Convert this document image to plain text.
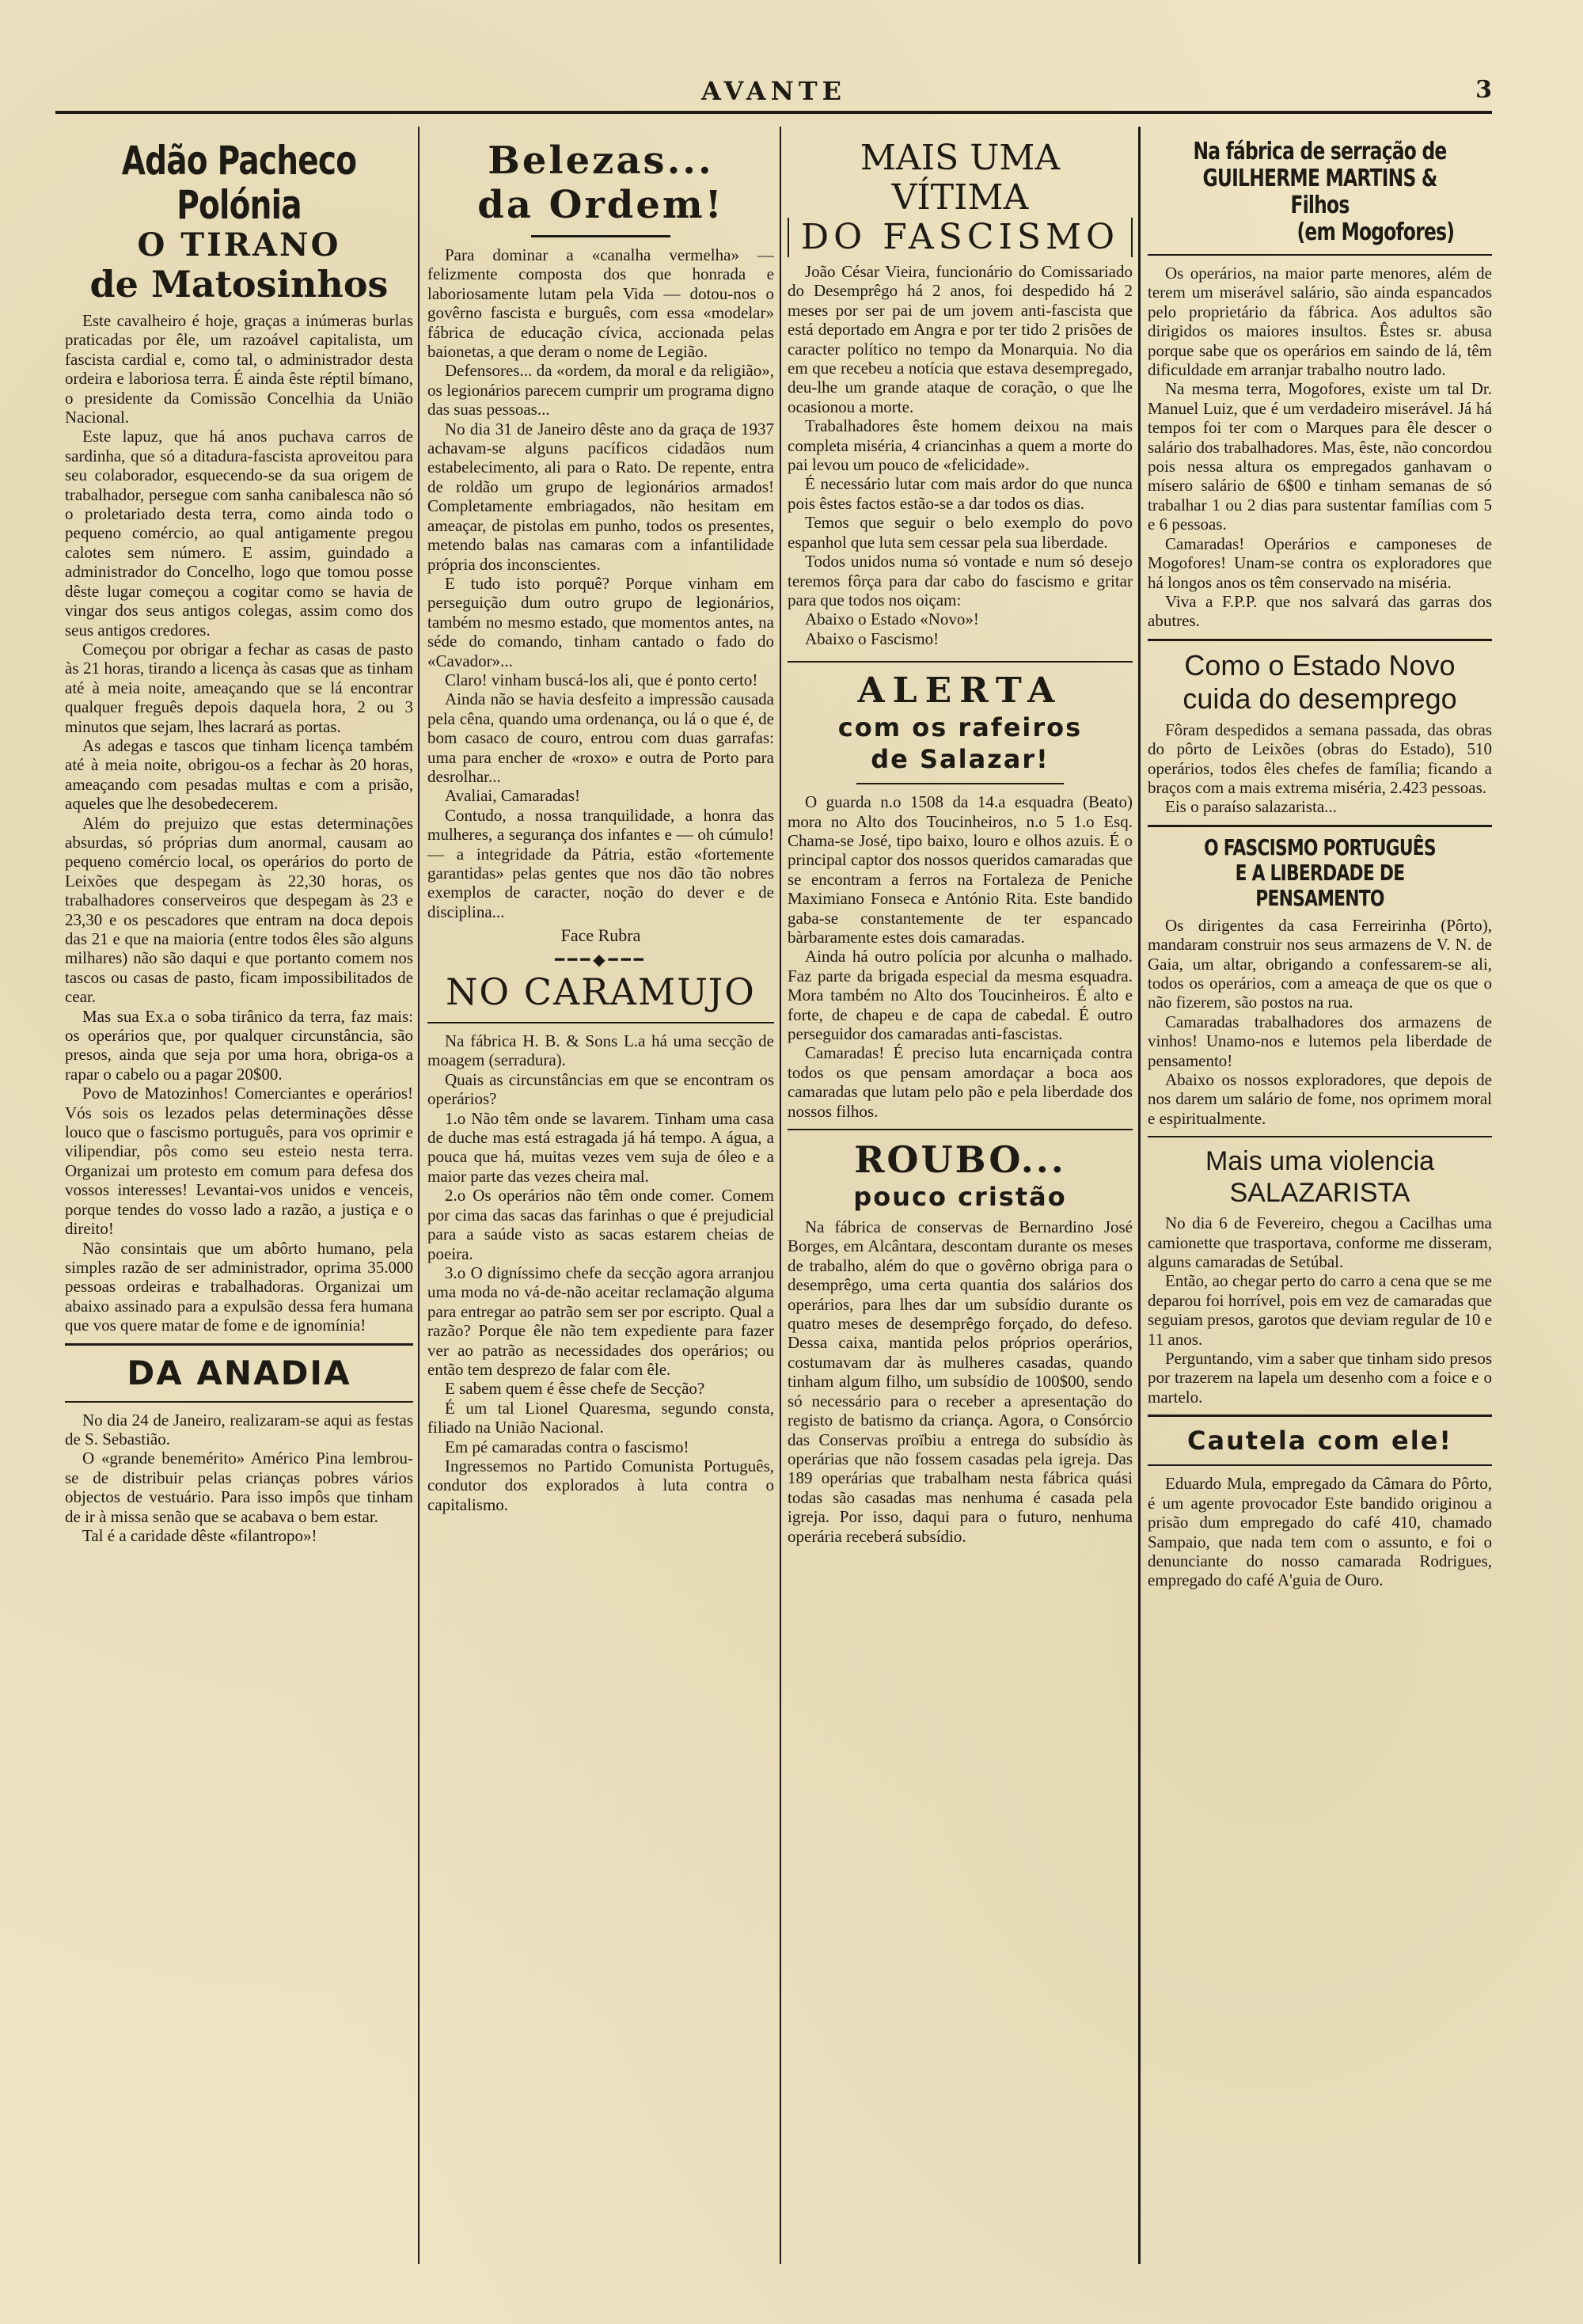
AVANTE	3
Adão Pacheco Polónia
O TIRANO
de Matosinhos

Este cavalheiro é hoje, graças a inúmeras burlas praticadas por êle, um razoável capitalista, um fascista cardial e, como tal, o administrador desta ordeira e laboriosa terra. É ainda êste réptil bímano, o presidente da Comissão Concelhia da União Nacional.

Este lapuz, que há anos puchava carros de sardinha, que só a ditadura-fascista aproveitou para seu colaborador, esquecendo-se da sua origem de trabalhador, persegue com sanha canibalesca não só o proletariado desta terra, como ainda todo o pequeno comércio, ao qual antigamente pregou calotes sem número. E assim, guindado a administrador do Concelho, logo que tomou posse dêste lugar começou a cogitar como se havia de vingar dos seus antigos colegas, assim como dos seus antigos credores.

Começou por obrigar a fechar as casas de pasto às 21 horas, tirando a licença às casas que as tinham até à meia noite, ameaçando que se lá encontrar qualquer freguês depois daquela hora, 2 ou 3 minutos que sejam, lhes lacrará as portas.

As adegas e tascos que tinham licença também até à meia noite, obrigou-os a fechar às 20 horas, ameaçando com pesadas multas e com a prisão, aqueles que lhe desobedecerem.

Além do prejuizo que estas determinações absurdas, só próprias dum anormal, causam ao pequeno comércio local, os operários do porto de Leixões que despegam às 22,30 horas, os trabalhadores conserveiros que despegam às 23 e 23,30 e os pescadores que entram na doca depois das 21 e que na maioria (entre todos êles são alguns milhares) não são daqui e que portanto comem nos tascos ou casas de pasto, ficam impossibilitados de cear.

Mas sua Ex.a o soba tirânico da terra, faz mais: os operários que, por qualquer circunstância, são presos, ainda que seja por uma hora, obriga-os a rapar o cabelo ou a pagar 20$00.

Povo de Matozinhos! Comerciantes e operários! Vós sois os lezados pelas determinações dêsse louco que o fascismo português, para vos oprimir e vilipendiar, pôs como seu esteio nesta terra. Organizai um protesto em comum para defesa dos vossos interesses! Levantai-vos unidos e venceis, porque tendes do vosso lado a razão, a justiça e o direito!

Não consintais que um abôrto humano, pela simples razão de ser administrador, oprima 35.000 pessoas ordeiras e trabalhadoras. Organizai um abaixo assinado para a expulsão dessa fera humana que vos quere matar de fome e de ignomínia!

DA ANADIA

No dia 24 de Janeiro, realizaram-se aqui as festas de S. Sebastião.

O «grande benemérito» Américo Pina lembrou-se de distribuir pelas crianças pobres vários objectos de vestuário. Para isso impôs que tinham de ir à missa senão que se acabava o bem estar.

Tal é a caridade dêste «filantropo»!

Belezas...
da Ordem!

Para dominar a «canalha vermelha» — felizmente composta dos que honrada e laboriosamente lutam pela Vida — dotou-nos o govêrno fascista e burguês, com essa «modelar» fábrica de educação cívica, accionada pelas baionetas, a que deram o nome de Legião.

Defensores... da «ordem, da moral e da religião», os legionários parecem cumprir um programa digno das suas pessoas...

No dia 31 de Janeiro dêste ano da graça de 1937 achavam-se alguns pacíficos cidadãos num estabelecimento, ali para o Rato. De repente, entra de roldão um grupo de legionários armados! Completamente embriagados, não hesitam em ameaçar, de pistolas em punho, todos os presentes, metendo balas nas camaras com a infantilidade própria dos inconscientes.

E tudo isto porquê? Porque vinham em perseguição dum outro grupo de legionários, também no mesmo estado, que momentos antes, na séde do comando, tinham cantado o fado do «Cavador»...

Claro! vinham buscá-los ali, que é ponto certo!

Ainda não se havia desfeito a impressão causada pela cêna, quando uma ordenança, ou lá o que é, de bom casaco de couro, entrou com duas garrafas: uma para encher de «roxo» e outra de Porto para desrolhar...

Avaliai, Camaradas!

Contudo, a nossa tranquilidade, a honra das mulheres, a segurança dos infantes e — oh cúmulo! — a integridade da Pátria, estão «fortemente garantidas» pelas gentes que nos dão tão nobres exemplos de caracter, noção do dever e de disciplina...

Face Rubra
━━━◆━━━
NO CARAMUJO

Na fábrica H. B. & Sons L.a há uma secção de moagem (serradura).

Quais as circunstâncias em que se encontram os operários?

1.o Não têm onde se lavarem. Tinham uma casa de duche mas está estragada já há tempo. A água, a pouca que há, muitas vezes vem suja de óleo e a maior parte das vezes cheira mal.

2.o Os operários não têm onde comer. Comem por cima das sacas das farinhas o que é prejudicial para a saúde visto as sacas estarem cheias de poeira.

3.o O digníssimo chefe da secção agora arranjou uma moda no vá-de-não aceitar reclamação alguma para entregar ao patrão sem ser por escripto. Qual a razão? Porque êle não tem expediente para fazer ver ao patrão as necessidades dos operários; ou então tem desprezo de falar com êle.

E sabem quem é êsse chefe de Secção?

É um tal Lionel Quaresma, segundo consta, filiado na União Nacional.

Em pé camaradas contra o fascismo!

Ingressemos no Partido Comunista Português, condutor dos explorados à luta contra o capitalismo.

MAIS UMA VÍTIMA
DO FASCISMO

João César Vieira, funcionário do Comissariado do Desemprêgo há 2 anos, foi despedido há 2 meses por ser pai de um jovem anti-fascista que está deportado em Angra e por ter tido 2 prisões de caracter político no tempo da Monarquia. No dia em que recebeu a notícia que estava desempregado, deu-lhe um grande ataque de coração, o que lhe ocasionou a morte.

Trabalhadores êste homem deixou na mais completa miséria, 4 criancinhas a quem a morte do pai levou um pouco de «felicidade».

É necessário lutar com mais ardor do que nunca pois êstes factos estão-se a dar todos os dias.

Temos que seguir o belo exemplo do povo espanhol que luta sem cessar pela sua liberdade.

Todos unidos numa só vontade e num só desejo teremos fôrça para dar cabo do fascismo e gritar para que todos nos oiçam:

Abaixo o Estado «Novo»!

Abaixo o Fascismo!

ALERTA
com os rafeiros
de Salazar!

O guarda n.o 1508 da 14.a esquadra (Beato) mora no Alto dos Toucinheiros, n.o 5 1.o Esq. Chama-se José, tipo baixo, louro e olhos azuis. É o principal captor dos nossos queridos camaradas que se encontram a ferros na Fortaleza de Peniche Maximiano Fonseca e António Rita. Este bandido gaba-se constantemente de ter espancado bàrbaramente estes dois camaradas.

Ainda há outro polícia por alcunha o malhado. Faz parte da brigada especial da mesma esquadra. Mora também no Alto dos Toucinheiros. É alto e forte, de chapeu e de capa de cabedal. É outro perseguidor dos camaradas anti-fascistas.

Camaradas! É preciso luta encarniçada contra todos os que pensam amordaçar a boca aos camaradas que lutam pelo pão e pela liberdade dos nossos filhos.

ROUBO...
pouco cristão

Na fábrica de conservas de Bernardino José Borges, em Alcântara, descontam durante os meses de trabalho, além do que o govêrno obriga para o desemprêgo, uma certa quantia dos salários dos operários, para lhes dar um subsídio durante os quatro meses de desemprêgo forçado, do defeso. Dessa caixa, mantida pelos próprios operários, costumavam dar às mulheres casadas, quando tinham algum filho, um subsídio de 100$00, sendo só necessário para o receber a apresentação do registo de batismo da criança. Agora, o Consórcio das Conservas proïbiu a entrega do subsídio às operárias que não fossem casadas pela igreja. Das 189 operárias que trabalham nesta fábrica quási todas são casadas mas nenhuma é casada pela igreja. Por isso, daqui para o futuro, nenhuma operária receberá subsídio.

Na fábrica de serração de
GUILHERME MARTINS & Filhos
(em Mogofores)

Os operários, na maior parte menores, além de terem um miserável salário, são ainda espancados pelo proprietário da fábrica. Aos adultos são dirigidos os maiores insultos. Êstes sr. abusa porque sabe que os operários em saindo de lá, têm dificuldade em arranjar trabalho noutro lado.

Na mesma terra, Mogofores, existe um tal Dr. Manuel Luiz, que é um verdadeiro miserável. Já há tempos foi ter com o Marques para êle descer o salário dos trabalhadores. Mas, êste, não concordou pois nessa altura os empregados ganhavam o mísero salário de 6$00 e tinham semanas de só trabalhar 1 ou 2 dias para sustentar famílias com 5 e 6 pessoas.

Camaradas! Operários e camponeses de Mogofores! Unam-se contra os exploradores que há longos anos os têm conservado na miséria.

Viva a F.P.P. que nos salvará das garras dos abutres.

Como o Estado Novo
cuida do desemprego

Fôram despedidos a semana passada, das obras do pôrto de Leixões (obras do Estado), 510 operários, todos êles chefes de família; ficando a braços com a mais extrema miséria, 2.423 pessoas.

Eis o paraíso salazarista...

O FASCISMO PORTUGUÊS
E A LIBERDADE DE PENSAMENTO

Os dirigentes da casa Ferreirinha (Pôrto), mandaram construir nos seus armazens de V. N. de Gaia, um altar, obrigando a confessarem-se ali, todos os operários, com a ameaça de que os que o não fizerem, são postos na rua.

Camaradas trabalhadores dos armazens de vinhos! Unamo-nos e lutemos pela liberdade de pensamento!

Abaixo os nossos exploradores, que depois de nos darem um salário de fome, nos oprimem moral e espiritualmente.

Mais uma violencia
SALAZARISTA

No dia 6 de Fevereiro, chegou a Cacilhas uma camionette que trasportava, conforme me disseram, alguns camaradas de Setúbal.

Então, ao chegar perto do carro a cena que se me deparou foi horrível, pois em vez de camaradas que seguiam presos, garotos que deviam regular de 10 e 11 anos.

Perguntando, vim a saber que tinham sido presos por trazerem na lapela um desenho com a foice e o martelo.

Cautela com ele!

Eduardo Mula, empregado da Câmara do Pôrto, é um agente provocador Este bandido originou a prisão dum empregado do café 410, chamado Sampaio, que nada tem com o assunto, e foi o denunciante do nosso camarada Rodrigues, empregado do café A'guia de Ouro.
